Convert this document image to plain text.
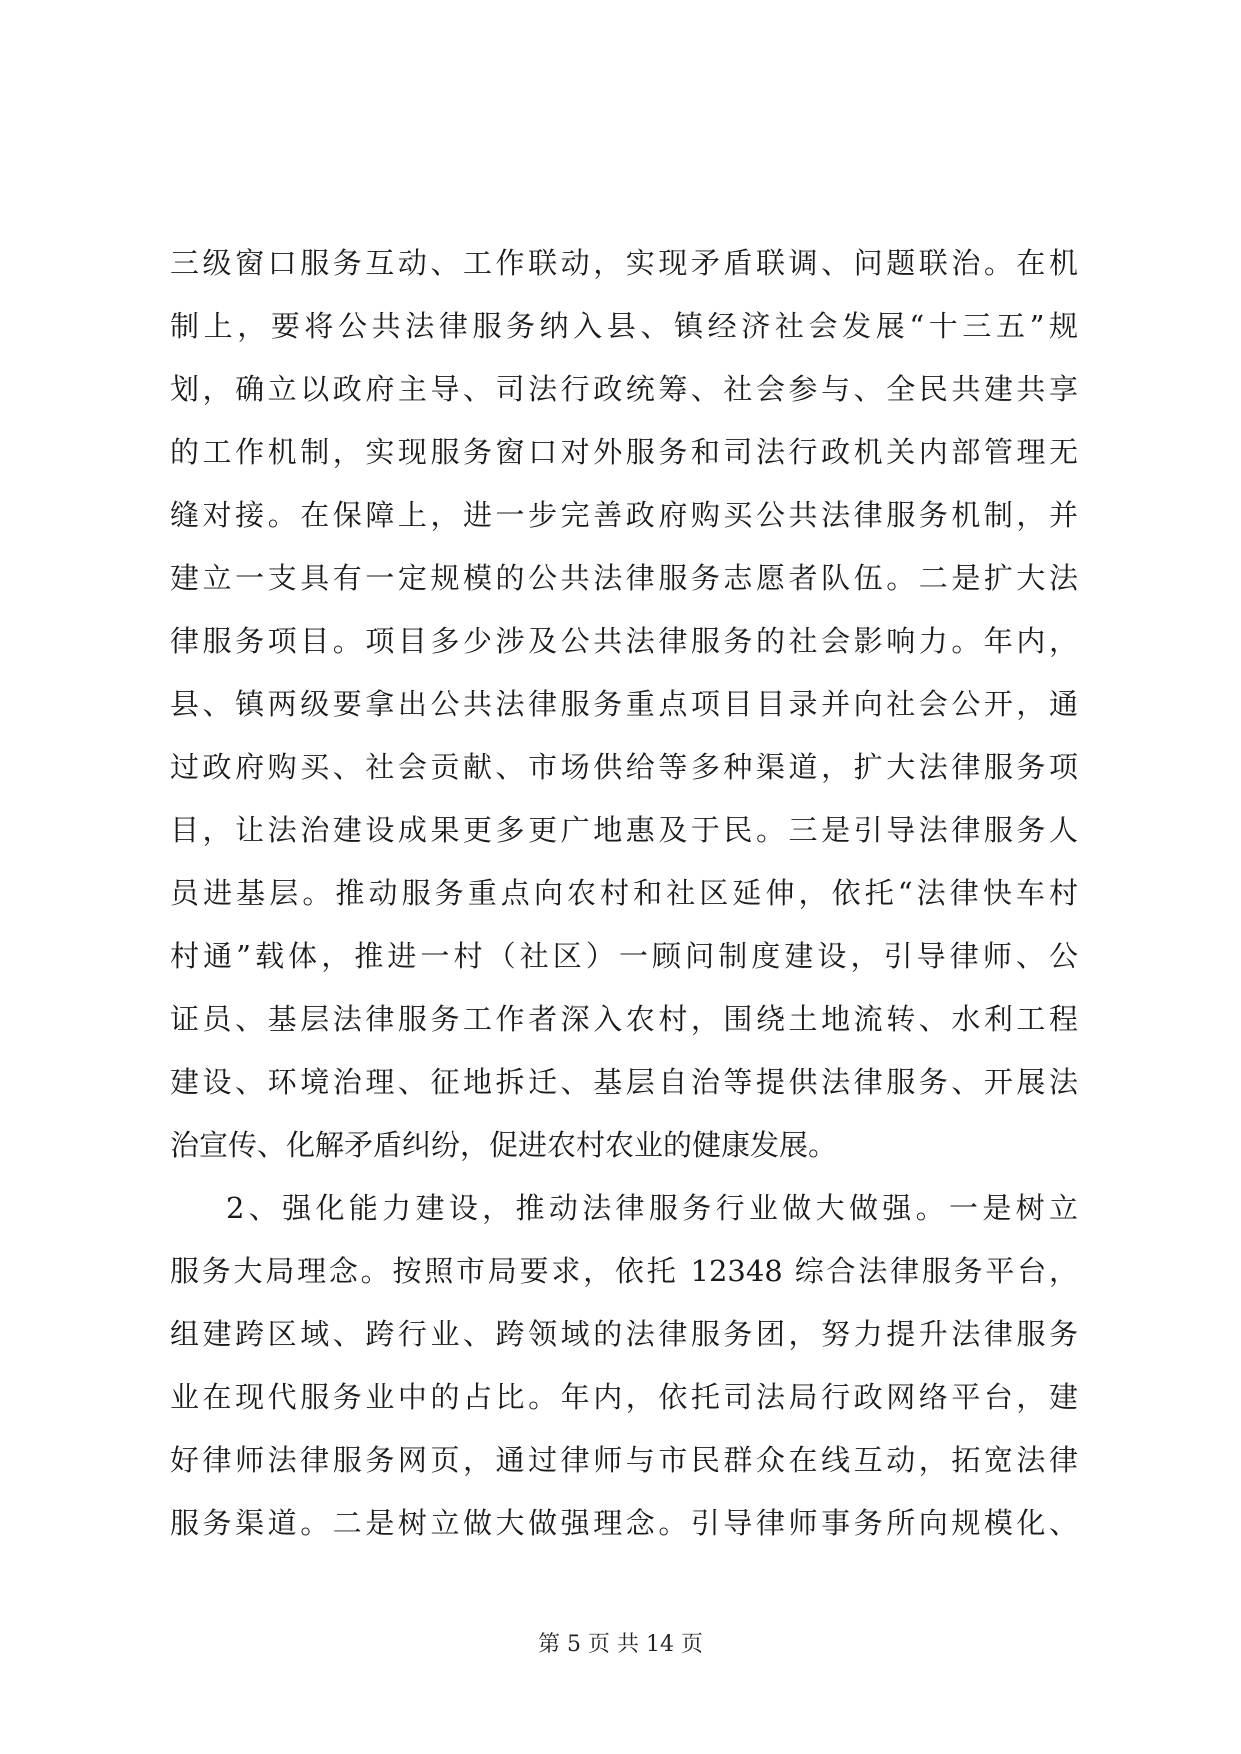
三级窗口服务互动、工作联动，实现矛盾联调、问题联治。在机
制上，要将公共法律服务纳入县、镇经济社会发展“十三五”规
划，确立以政府主导、司法行政统筹、社会参与、全民共建共享
的工作机制，实现服务窗口对外服务和司法行政机关内部管理无
缝对接。在保障上，进一步完善政府购买公共法律服务机制，并
建立一支具有一定规模的公共法律服务志愿者队伍。二是扩大法
律服务项目。项目多少涉及公共法律服务的社会影响力。年内，
县、镇两级要拿出公共法律服务重点项目目录并向社会公开，通
过政府购买、社会贡献、市场供给等多种渠道，扩大法律服务项
目，让法治建设成果更多更广地惠及于民。三是引导法律服务人
员进基层。推动服务重点向农村和社区延伸，依托“法律快车村
村通”载体，推进一村（社区）一顾问制度建设，引导律师、公
证员、基层法律服务工作者深入农村，围绕土地流转、水利工程
建设、环境治理、征地拆迁、基层自治等提供法律服务、开展法
治宣传、化解矛盾纠纷，促进农村农业的健康发展。
2、强化能力建设，推动法律服务行业做大做强。一是树立
服务大局理念。按照市局要求，依托 12348 综合法律服务平台，
组建跨区域、跨行业、跨领域的法律服务团，努力提升法律服务
业在现代服务业中的占比。年内，依托司法局行政网络平台，建
好律师法律服务网页，通过律师与市民群众在线互动，拓宽法律
服务渠道。二是树立做大做强理念。引导律师事务所向规模化、
第 5 页 共 14 页
